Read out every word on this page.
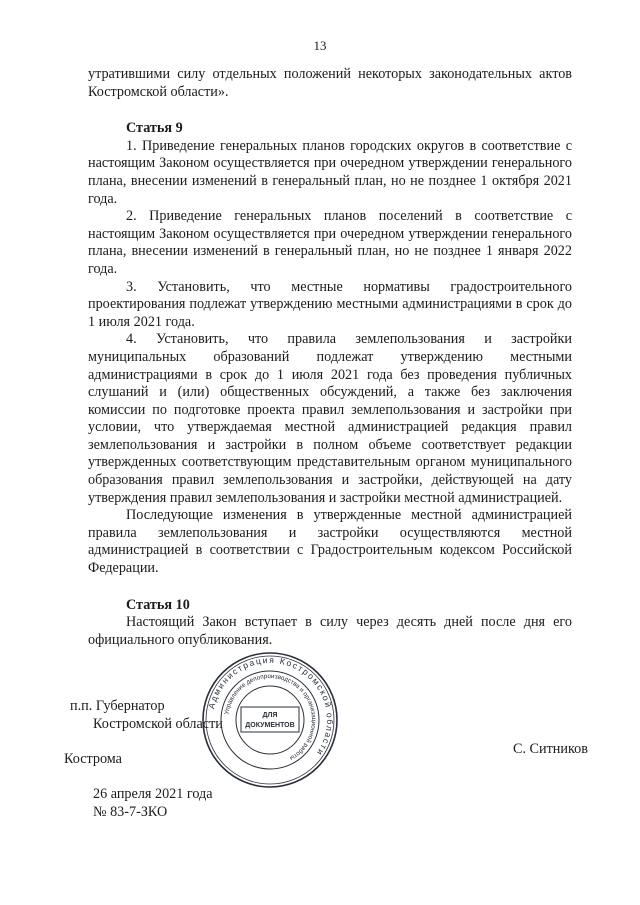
13

утратившими силу отдельных положений некоторых законодательных актов Костромской области».

Статья 9

1. Приведение генеральных планов городских округов в соответствие с настоящим Законом осуществляется при очередном утверждении генерального плана, внесении изменений в генеральный план, но не позднее 1 октября 2021 года.

2. Приведение генеральных планов поселений в соответствие с настоящим Законом осуществляется при очередном утверждении генерального плана, внесении изменений в генеральный план, но не позднее 1 января 2022 года.

3. Установить, что местные нормативы градостроительного проектирования подлежат утверждению местными администрациями в срок до 1 июля 2021 года.

4. Установить, что правила землепользования и застройки муниципальных образований подлежат утверждению местными администрациями в срок до 1 июля 2021 года без проведения публичных слушаний и (или) общественных обсуждений, а также без заключения комиссии по подготовке проекта правил землепользования и застройки при условии, что утверждаемая местной администрацией редакция правил землепользования и застройки в полном объеме соответствует редакции утвержденных соответствующим представительным органом муниципального образования правил землепользования и застройки, действующей на дату утверждения правил землепользования и застройки местной администрацией.

Последующие изменения в утвержденные местной администрацией правила землепользования и застройки осуществляются местной администрацией в соответствии с Градостроительным кодексом Российской Федерации.

Статья 10

Настоящий Закон вступает в силу через десять дней после дня его официального опубликования.

п.п. Губернатор
Костромской области
С. Ситников
Кострома
26 апреля 2021 года
№ 83-7-ЗКО
Администрация Костромской области
Управление делопроизводства и организационной работы
ДЛЯ
ДОКУМЕНТОВ
